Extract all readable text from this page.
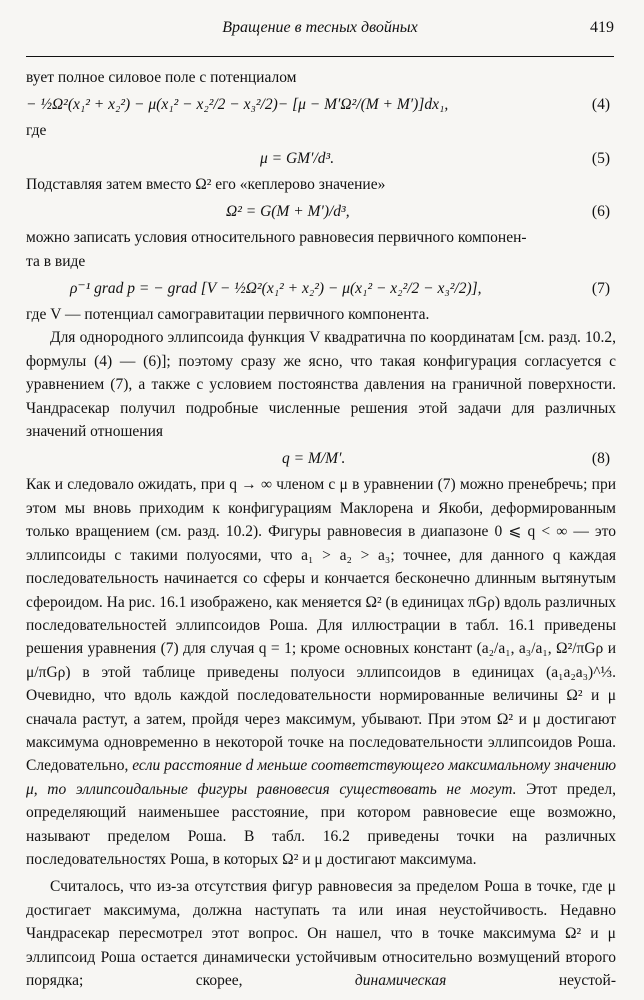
Вращение в тесных двойных	419
вует полное силовое поле с потенциалом
− ½Ω²(x₁² + x₂²) − μ(x₁² − x₂²/2 − x₃²/2)− [μ − M′Ω²/(M + M′)]dx₁,	(4)
где
μ = GM′/d³.	(5)
Подставляя затем вместо Ω² его «кеплерово значение»
Ω² = G(M + M′)/d³,	(6)
можно записать условия относительного равновесия первичного компонен-
та в виде
ρ⁻¹ grad p = − grad [V − ½Ω²(x₁² + x₂²) − μ(x₁² − x₂²/2 − x₃²/2)],	(7)
где V — потенциал самогравитации первичного компонента.

Для однородного эллипсоида функция V квадратична по координатам [см. разд. 10.2, формулы (4) — (6)]; поэтому сразу же ясно, что такая конфигурация согласуется с уравнением (7), а также с условием постоянства давления на граничной поверхности. Чандрасекар получил подробные численные решения этой задачи для различных значений отношения

q = M/M′.	(8)

Как и следовало ожидать, при q → ∞ членом с μ в уравнении (7) можно пренебречь; при этом мы вновь приходим к конфигурациям Маклорена и Якоби, деформированным только вращением (см. разд. 10.2). Фигуры равновесия в диапазоне 0 ⩽ q < ∞ — это эллипсоиды с такими полуосями, что a₁ > a₂ > a₃; точнее, для данного q каждая последовательность начинается со сферы и кончается бесконечно длинным вытянутым сфероидом. На рис. 16.1 изображено, как меняется Ω² (в единицах πGρ) вдоль различных последовательностей эллипсоидов Роша. Для иллюстрации в табл. 16.1 приведены решения уравнения (7) для случая q = 1; кроме основных констант (a₂/a₁, a₃/a₁, Ω²/πGρ и μ/πGρ) в этой таблице приведены полуоси эллипсоидов в единицах (a₁a₂a₃)^⅓. Очевидно, что вдоль каждой последовательности нормированные величины Ω² и μ сначала растут, а затем, пройдя через максимум, убывают. При этом Ω² и μ достигают максимума одновременно в некоторой точке на последовательности эллипсоидов Роша. Следовательно, если расстояние d меньше соответствующего максимальному значению μ, то эллипсоидальные фигуры равновесия существовать не могут. Этот предел, определяющий наименьшее расстояние, при котором равновесие еще возможно, называют пределом Роша. В табл. 16.2 приведены точки на различных последовательностях Роша, в которых Ω² и μ достигают максимума.

Считалось, что из-за отсутствия фигур равновесия за пределом Роша в точке, где μ достигает максимума, должна наступать та или иная неустойчивость. Недавно Чандрасекар пересмотрел этот вопрос. Он нашел, что в точке максимума Ω² и μ эллипсоид Роша остается динамически устойчивым относительно возмущений второго порядка; скорее,	динамическая	неустой-
